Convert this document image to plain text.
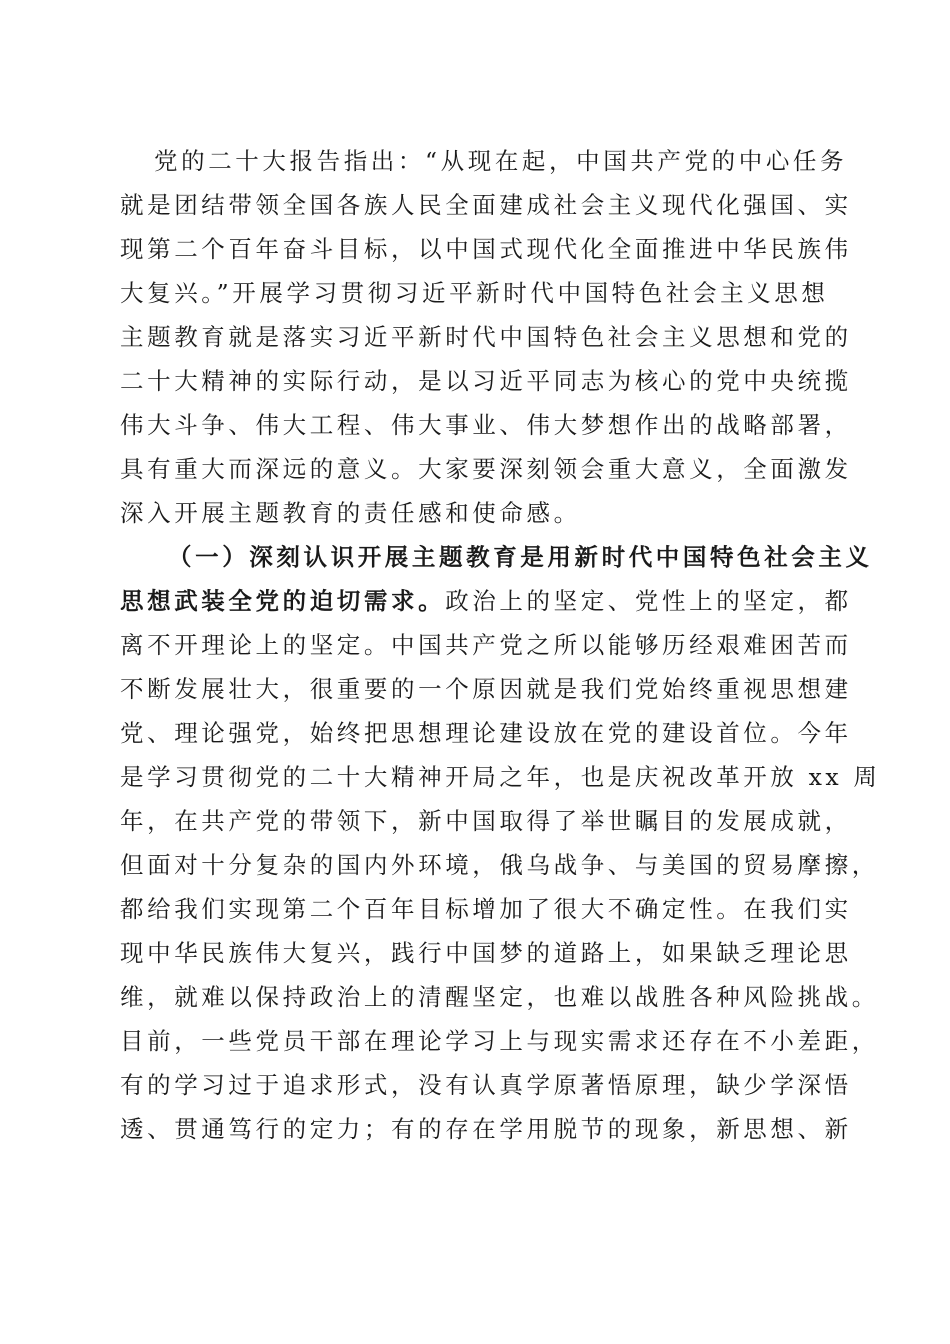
党的二十大报告指出：“从现在起，中国共产党的中心任务
就是团结带领全国各族人民全面建成社会主义现代化强国、实
现第二个百年奋斗目标，以中国式现代化全面推进中华民族伟
大复兴。”开展学习贯彻习近平新时代中国特色社会主义思想
主题教育就是落实习近平新时代中国特色社会主义思想和党的
二十大精神的实际行动，是以习近平同志为核心的党中央统揽
伟大斗争、伟大工程、伟大事业、伟大梦想作出的战略部署，
具有重大而深远的意义。大家要深刻领会重大意义，全面激发
深入开展主题教育的责任感和使命感。
（一）深刻认识开展主题教育是用新时代中国特色社会主义
思想武装全党的迫切需求。政治上的坚定、党性上的坚定，都
离不开理论上的坚定。中国共产党之所以能够历经艰难困苦而
不断发展壮大，很重要的一个原因就是我们党始终重视思想建
党、理论强党，始终把思想理论建设放在党的建设首位。今年
是学习贯彻党的二十大精神开局之年，也是庆祝改革开放 xx 周
年，在共产党的带领下，新中国取得了举世瞩目的发展成就，
但面对十分复杂的国内外环境，俄乌战争、与美国的贸易摩擦，
都给我们实现第二个百年目标增加了很大不确定性。在我们实
现中华民族伟大复兴，践行中国梦的道路上，如果缺乏理论思
维，就难以保持政治上的清醒坚定，也难以战胜各种风险挑战。
目前，一些党员干部在理论学习上与现实需求还存在不小差距，
有的学习过于追求形式，没有认真学原著悟原理，缺少学深悟
透、贯通笃行的定力；有的存在学用脱节的现象，新思想、新
